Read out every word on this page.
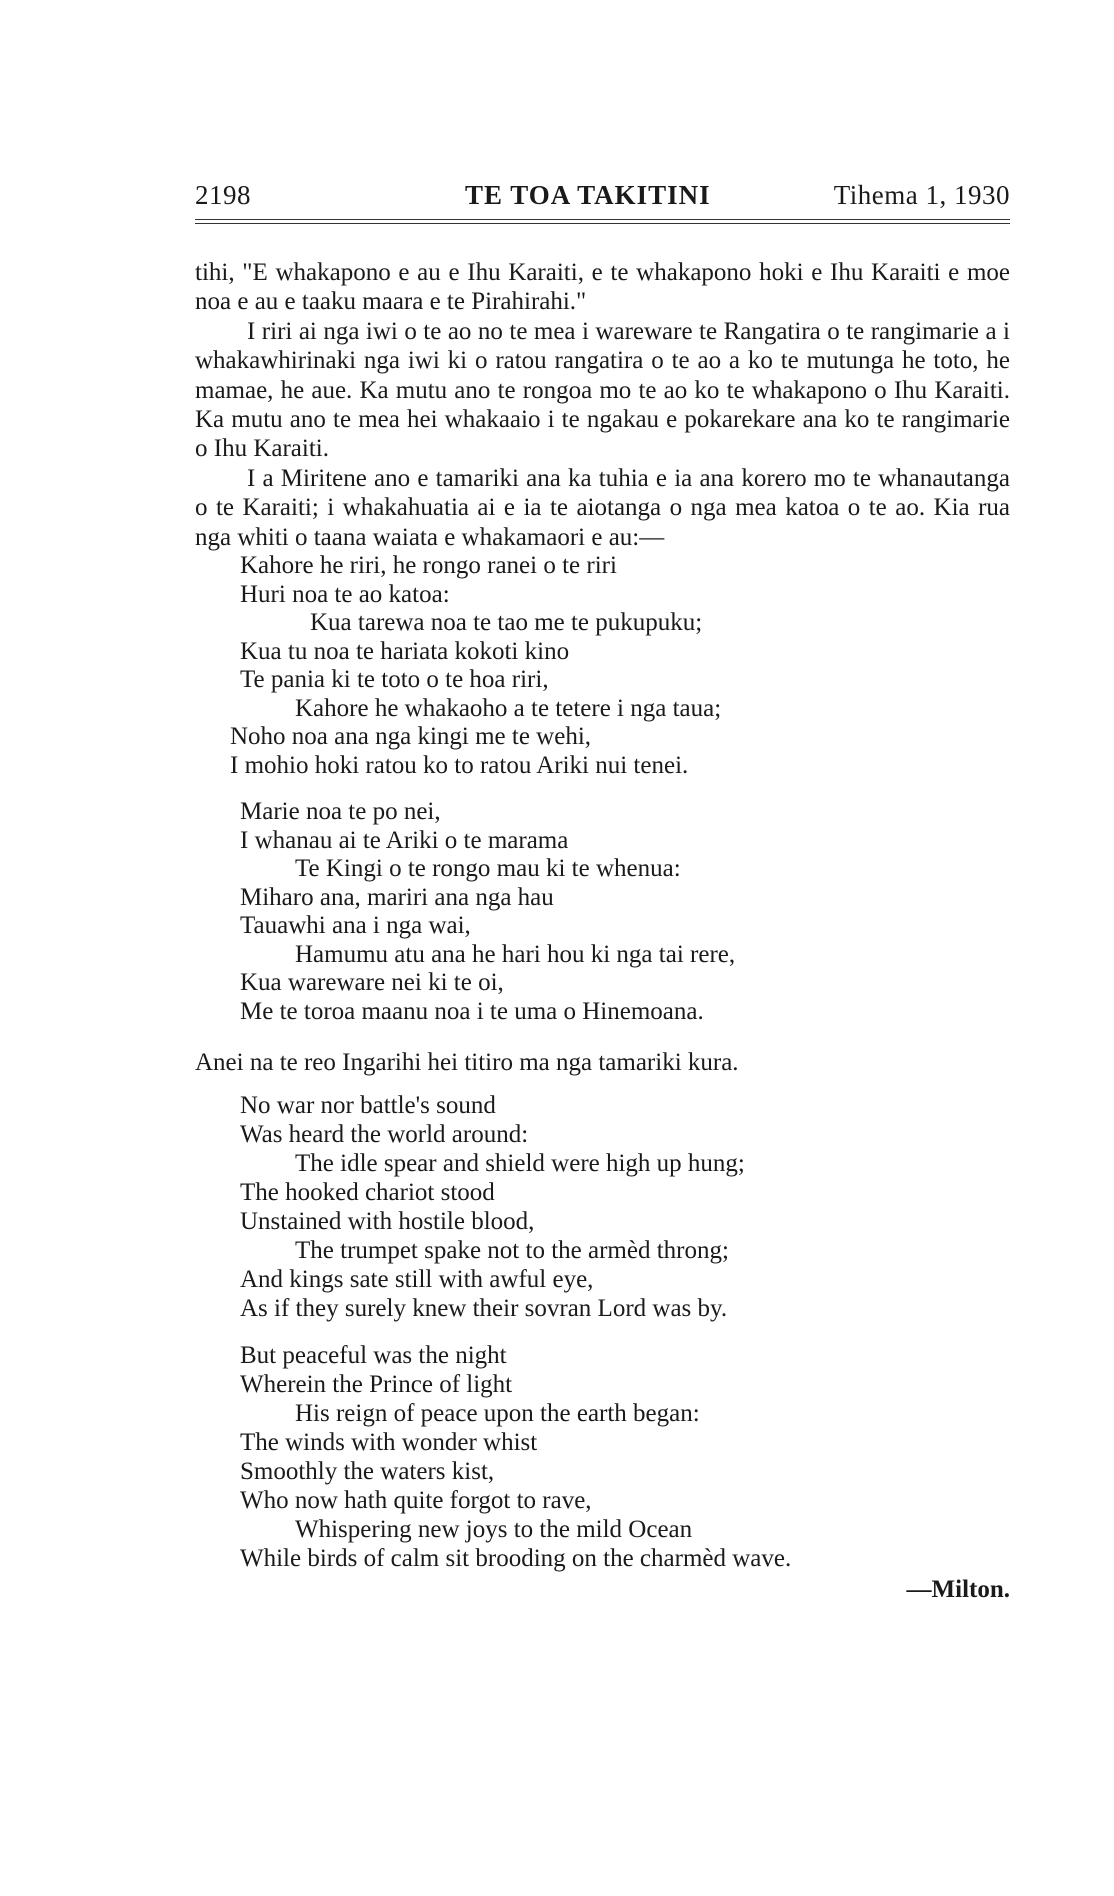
2198	TE TOA TAKITINI	Tihema 1, 1930

tihi, "E whakapono e au e Ihu Karaiti, e te whakapono hoki e Ihu Karaiti e moe noa e au e taaku maara e te Pirahirahi."

I riri ai nga iwi o te ao no te mea i wareware te Rangatira o te rangimarie a i whakawhirinaki nga iwi ki o ratou rangatira o te ao a ko te mutunga he toto, he mamae, he aue. Ka mutu ano te rongoa mo te ao ko te whakapono o Ihu Karaiti. Ka mutu ano te mea hei whakaaio i te ngakau e pokarekare ana ko te rangimarie o Ihu Karaiti.

I a Miritene ano e tamariki ana ka tuhia e ia ana korero mo te whanautanga o te Karaiti; i whakahuatia ai e ia te aiotanga o nga mea katoa o te ao. Kia rua nga whiti o taana waiata e whakamaori e au:—

Kahore he riri, he rongo ranei o te riri
Huri noa te ao katoa:
Kua tarewa noa te tao me te pukupuku;
Kua tu noa te hariata kokoti kino
Te pania ki te toto o te hoa riri,
Kahore he whakaoho a te tetere i nga taua;
Noho noa ana nga kingi me te wehi,
I mohio hoki ratou ko to ratou Ariki nui tenei.
Marie noa te po nei,
I whanau ai te Ariki o te marama
Te Kingi o te rongo mau ki te whenua:
Miharo ana, mariri ana nga hau
Tauawhi ana i nga wai,
Hamumu atu ana he hari hou ki nga tai rere,
Kua wareware nei ki te oi,
Me te toroa maanu noa i te uma o Hinemoana.

Anei na te reo Ingarihi hei titiro ma nga tamariki kura.

No war nor battle's sound
Was heard the world around:
The idle spear and shield were high up hung;
The hooked chariot stood
Unstained with hostile blood,
The trumpet spake not to the armèd throng;
And kings sate still with awful eye,
As if they surely knew their sovran Lord was by.
But peaceful was the night
Wherein the Prince of light
His reign of peace upon the earth began:
The winds with wonder whist
Smoothly the waters kist,
Who now hath quite forgot to rave,
Whispering new joys to the mild Ocean
While birds of calm sit brooding on the charmèd wave.
—Milton.
